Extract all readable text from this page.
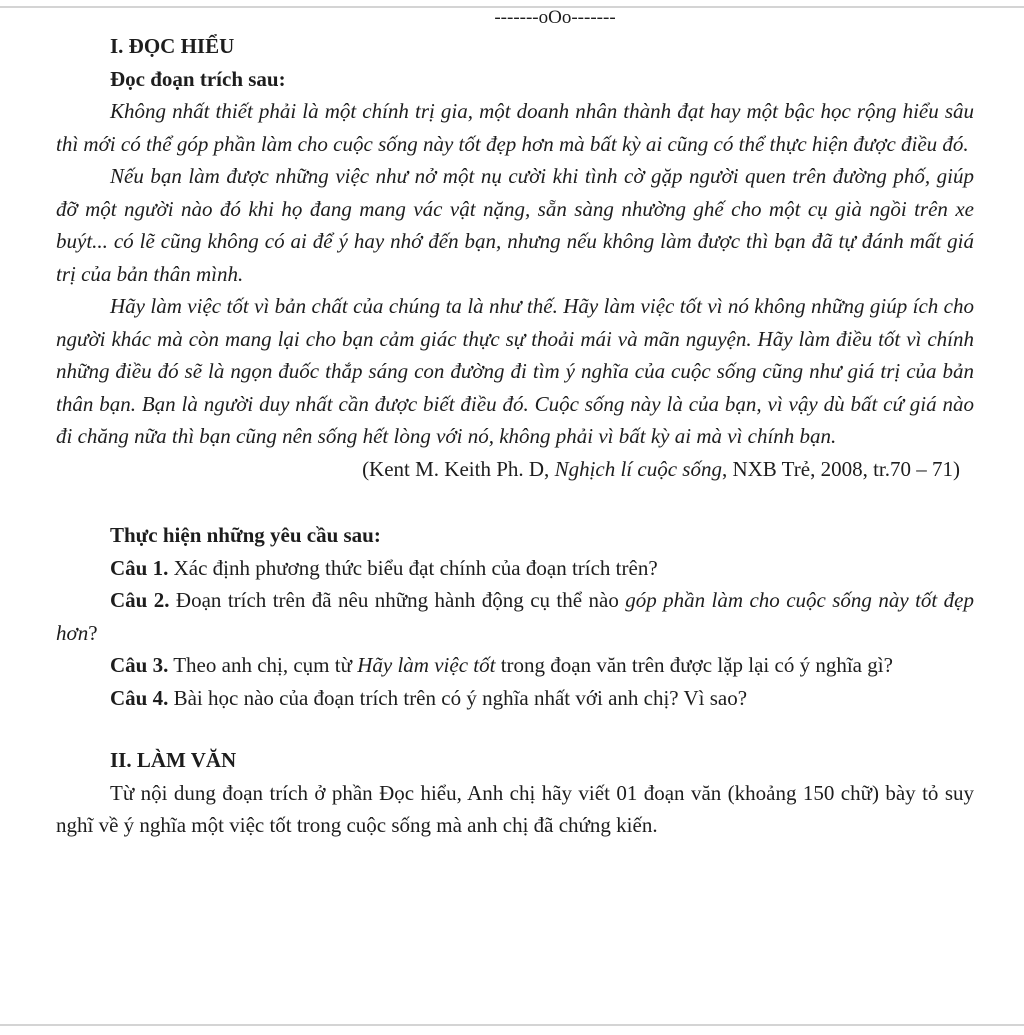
-------oOo-------
I. ĐỌC HIỂU
Đọc đoạn trích sau:

Không nhất thiết phải là một chính trị gia, một doanh nhân thành đạt hay một bậc học rộng hiểu sâu thì mới có thể góp phần làm cho cuộc sống này tốt đẹp hơn mà bất kỳ ai cũng có thể thực hiện được điều đó.

Nếu bạn làm được những việc như nở một nụ cười khi tình cờ gặp người quen trên đường phố, giúp đỡ một người nào đó khi họ đang mang vác vật nặng, sẵn sàng nhường ghế cho một cụ già ngồi trên xe buýt... có lẽ cũng không có ai để ý hay nhớ đến bạn, nhưng nếu không làm được thì bạn đã tự đánh mất giá trị của bản thân mình.

Hãy làm việc tốt vì bản chất của chúng ta là như thế. Hãy làm việc tốt vì nó không những giúp ích cho người khác mà còn mang lại cho bạn cảm giác thực sự thoải mái và mãn nguyện. Hãy làm điều tốt vì chính những điều đó sẽ là ngọn đuốc thắp sáng con đường đi tìm ý nghĩa của cuộc sống cũng như giá trị của bản thân bạn. Bạn là người duy nhất cần được biết điều đó. Cuộc sống này là của bạn, vì vậy dù bất cứ giá nào đi chăng nữa thì bạn cũng nên sống hết lòng với nó, không phải vì bất kỳ ai mà vì chính bạn.

(Kent M. Keith Ph. D, Nghịch lí cuộc sống, NXB Trẻ, 2008, tr.70 – 71)
Thực hiện những yêu cầu sau:

Câu 1. Xác định phương thức biểu đạt chính của đoạn trích trên?

Câu 2. Đoạn trích trên đã nêu những hành động cụ thể nào góp phần làm cho cuộc sống này tốt đẹp hơn?

Câu 3. Theo anh chị, cụm từ Hãy làm việc tốt trong đoạn văn trên được lặp lại có ý nghĩa gì?

Câu 4. Bài học nào của đoạn trích trên có ý nghĩa nhất với anh chị? Vì sao?

II. LÀM VĂN

Từ nội dung đoạn trích ở phần Đọc hiểu, Anh chị hãy viết 01 đoạn văn (khoảng 150 chữ) bày tỏ suy nghĩ về ý nghĩa một việc tốt trong cuộc sống mà anh chị đã chứng kiến.
